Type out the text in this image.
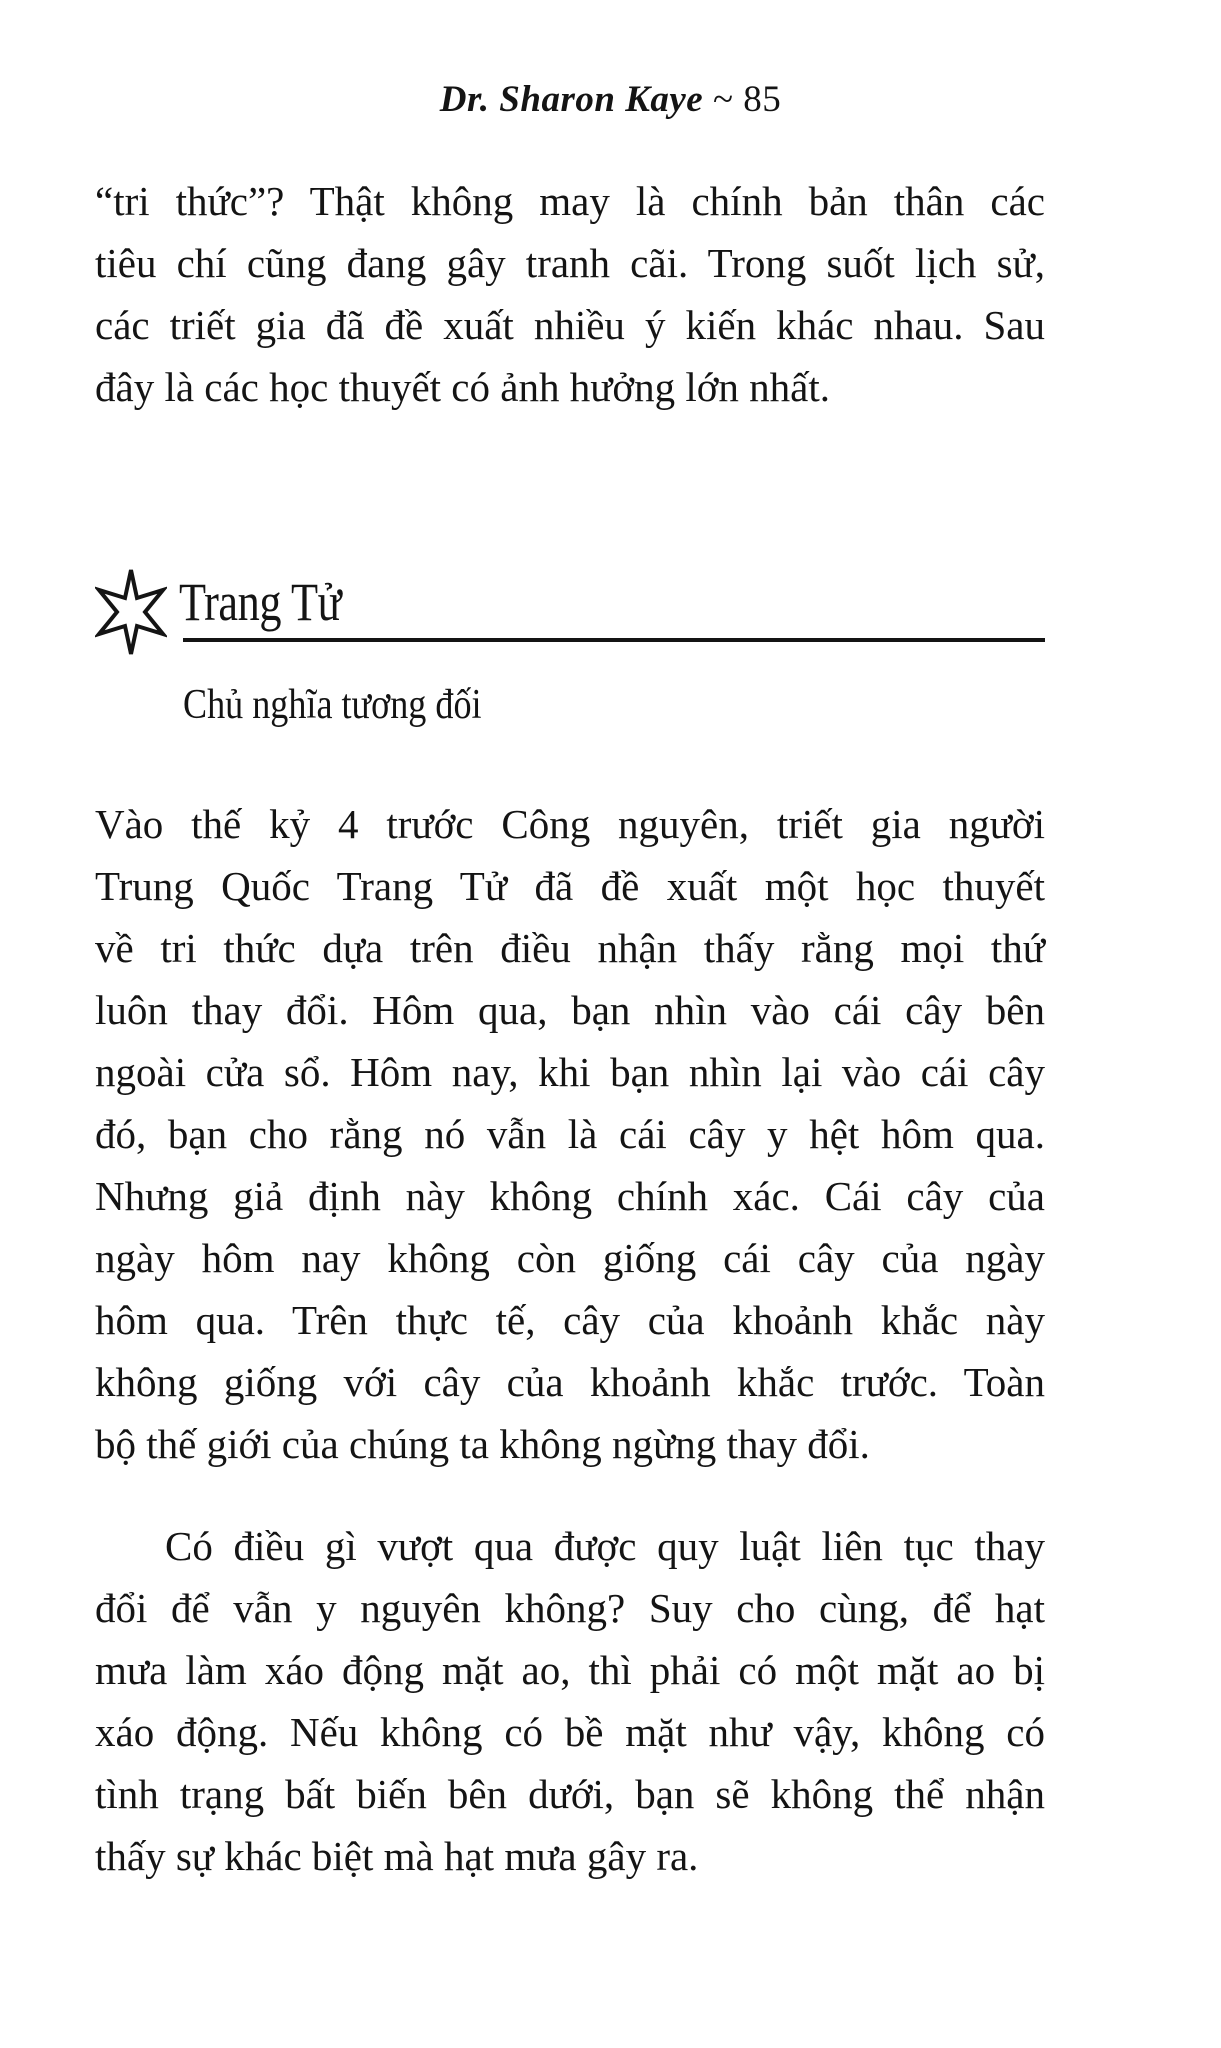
Dr. Sharon Kaye ~ 85
“tri thức”? Thật không may là chính bản thân các
tiêu chí cũng đang gây tranh cãi. Trong suốt lịch sử,
các triết gia đã đề xuất nhiều ý kiến khác nhau. Sau
đây là các học thuyết có ảnh hưởng lớn nhất.
Trang Tử
Chủ nghĩa tương đối
Vào thế kỷ 4 trước Công nguyên, triết gia người
Trung Quốc Trang Tử đã đề xuất một học thuyết
về tri thức dựa trên điều nhận thấy rằng mọi thứ
luôn thay đổi. Hôm qua, bạn nhìn vào cái cây bên
ngoài cửa sổ. Hôm nay, khi bạn nhìn lại vào cái cây
đó, bạn cho rằng nó vẫn là cái cây y hệt hôm qua.
Nhưng giả định này không chính xác. Cái cây của
ngày hôm nay không còn giống cái cây của ngày
hôm qua. Trên thực tế, cây của khoảnh khắc này
không giống với cây của khoảnh khắc trước. Toàn
bộ thế giới của chúng ta không ngừng thay đổi.
Có điều gì vượt qua được quy luật liên tục thay
đổi để vẫn y nguyên không? Suy cho cùng, để hạt
mưa làm xáo động mặt ao, thì phải có một mặt ao bị
xáo động. Nếu không có bề mặt như vậy, không có
tình trạng bất biến bên dưới, bạn sẽ không thể nhận
thấy sự khác biệt mà hạt mưa gây ra.
